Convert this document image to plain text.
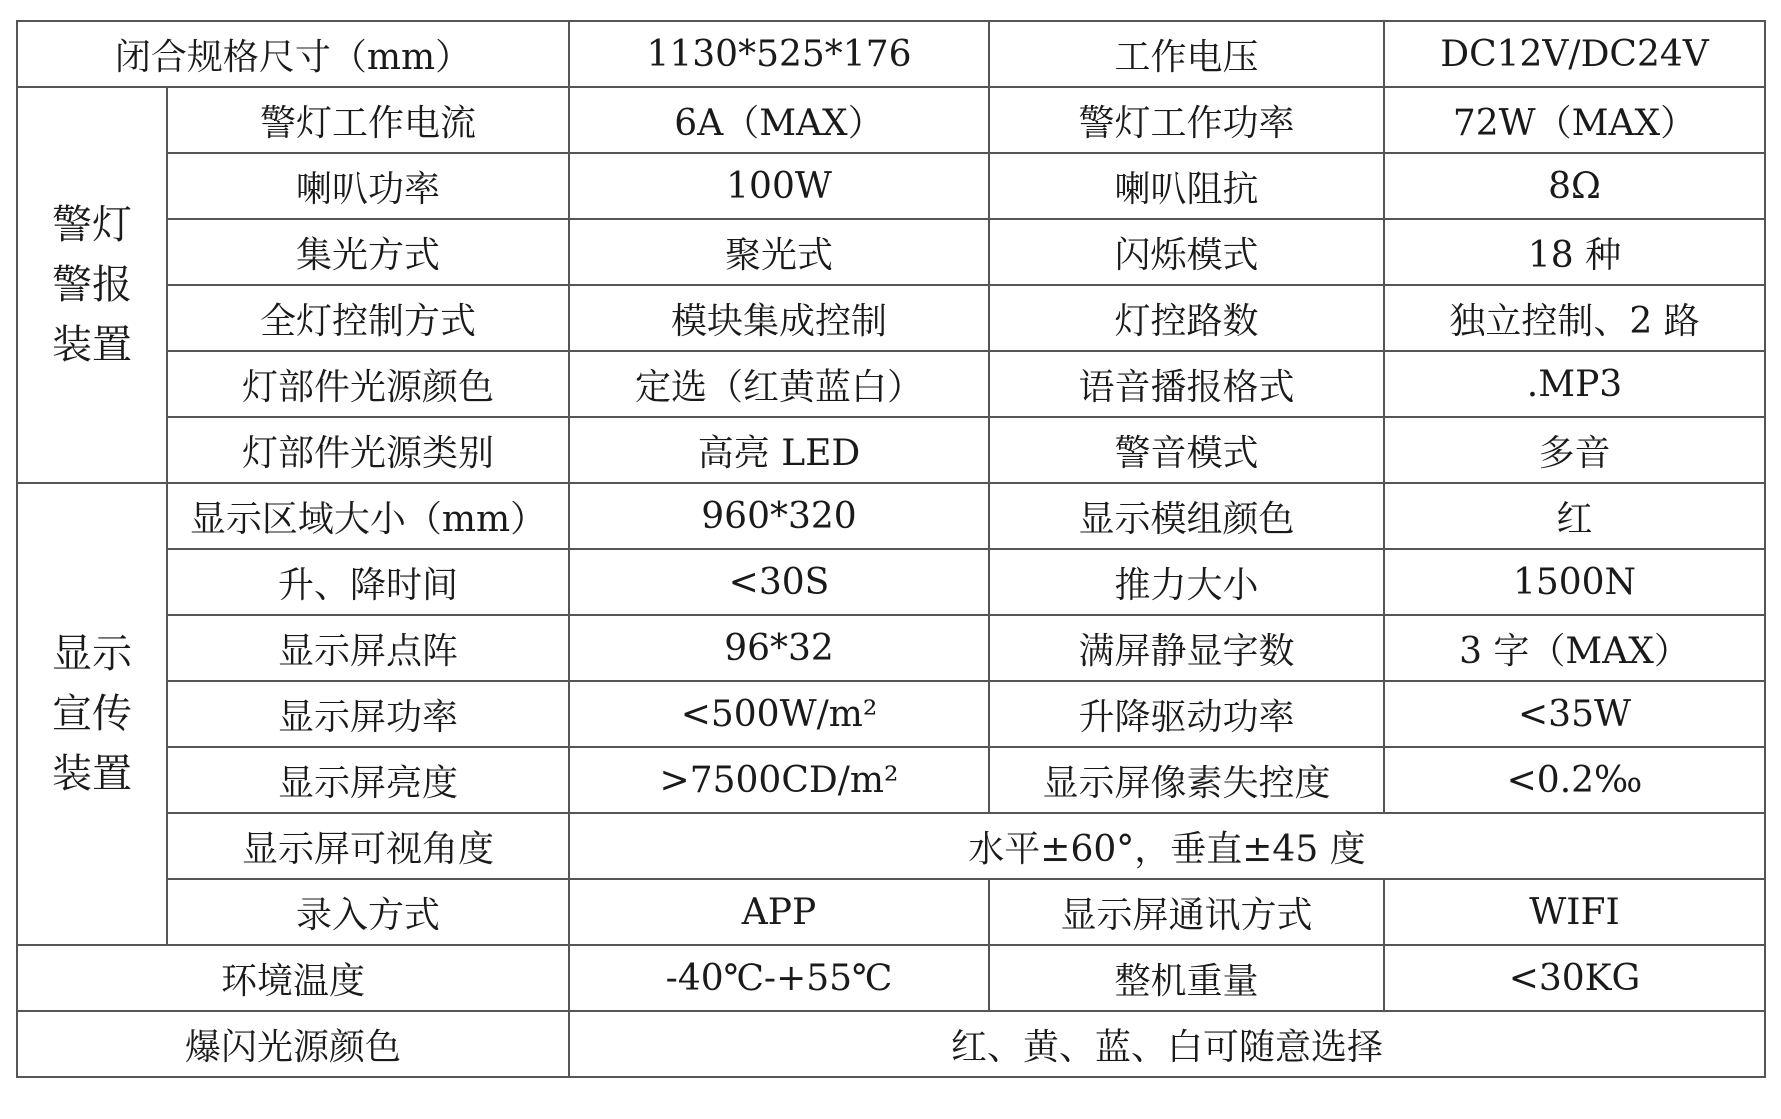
闭合规格尺寸（mm）		1130*525*176	工作电压	DC12V/DC24V
警灯警报装置	警灯工作电流	6A（MAX）	警灯工作功率	72W（MAX）
	喇叭功率	100W	喇叭阻抗	8Ω
	集光方式	聚光式	闪烁模式	18 种
	全灯控制方式	模块集成控制	灯控路数	独立控制、2 路
	灯部件光源颜色	定选（红黄蓝白）	语音播报格式	.MP3
	灯部件光源类别	高亮 LED	警音模式	多音
显示宣传装置	显示区域大小（mm）	960*320	显示模组颜色	红
	升、降时间	<30S	推力大小	1500N
	显示屏点阵	96*32	满屏静显字数	3 字（MAX）
	显示屏功率	<500W/m²	升降驱动功率	<35W
	显示屏亮度	>7500CD/m²	显示屏像素失控度	<0.2‰
	显示屏可视角度	水平±60°，垂直±45 度		
	录入方式	APP	显示屏通讯方式	WIFI
环境温度		-40℃-+55℃	整机重量	<30KG
爆闪光源颜色		红、黄、蓝、白可随意选择		
